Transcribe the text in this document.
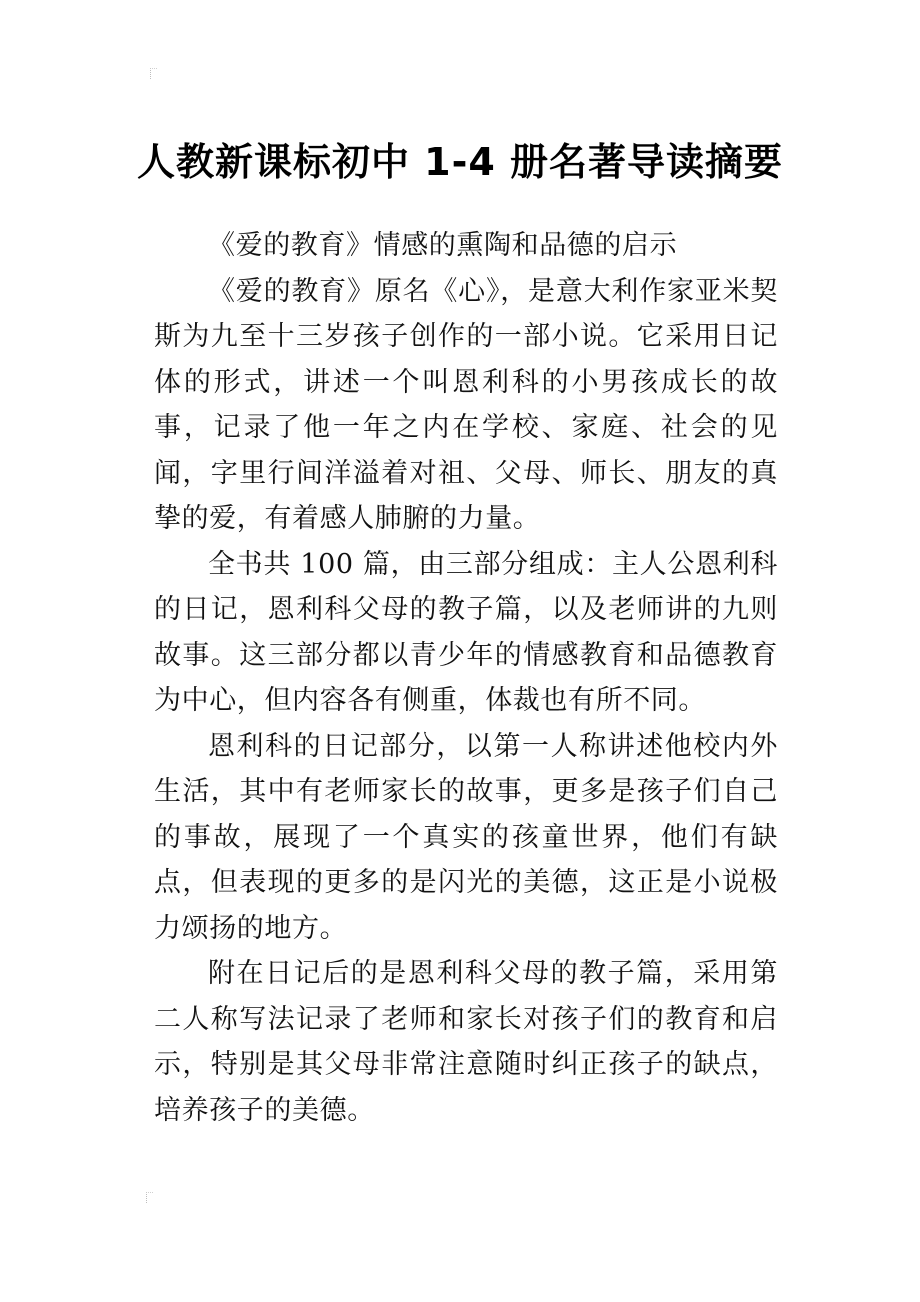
人教新课标初中 1-4 册名著导读摘要

《爱的教育》情感的熏陶和品德的启示

《爱的教育》原名《心》，是意大利作家亚米契斯为九至十三岁孩子创作的一部小说。它采用日记体的形式，讲述一个叫恩利科的小男孩成长的故事，记录了他一年之内在学校、家庭、社会的见闻，字里行间洋溢着对祖、父母、师长、朋友的真挚的爱，有着感人肺腑的力量。

全书共 100 篇，由三部分组成：主人公恩利科的日记，恩利科父母的教子篇，以及老师讲的九则故事。这三部分都以青少年的情感教育和品德教育为中心，但内容各有侧重，体裁也有所不同。

恩利科的日记部分，以第一人称讲述他校内外生活，其中有老师家长的故事，更多是孩子们自己的事故，展现了一个真实的孩童世界，他们有缺点，但表现的更多的是闪光的美德，这正是小说极力颂扬的地方。

附在日记后的是恩利科父母的教子篇，采用第二人称写法记录了老师和家长对孩子们的教育和启示，特别是其父母非常注意随时纠正孩子的缺点，培养孩子的美德。
